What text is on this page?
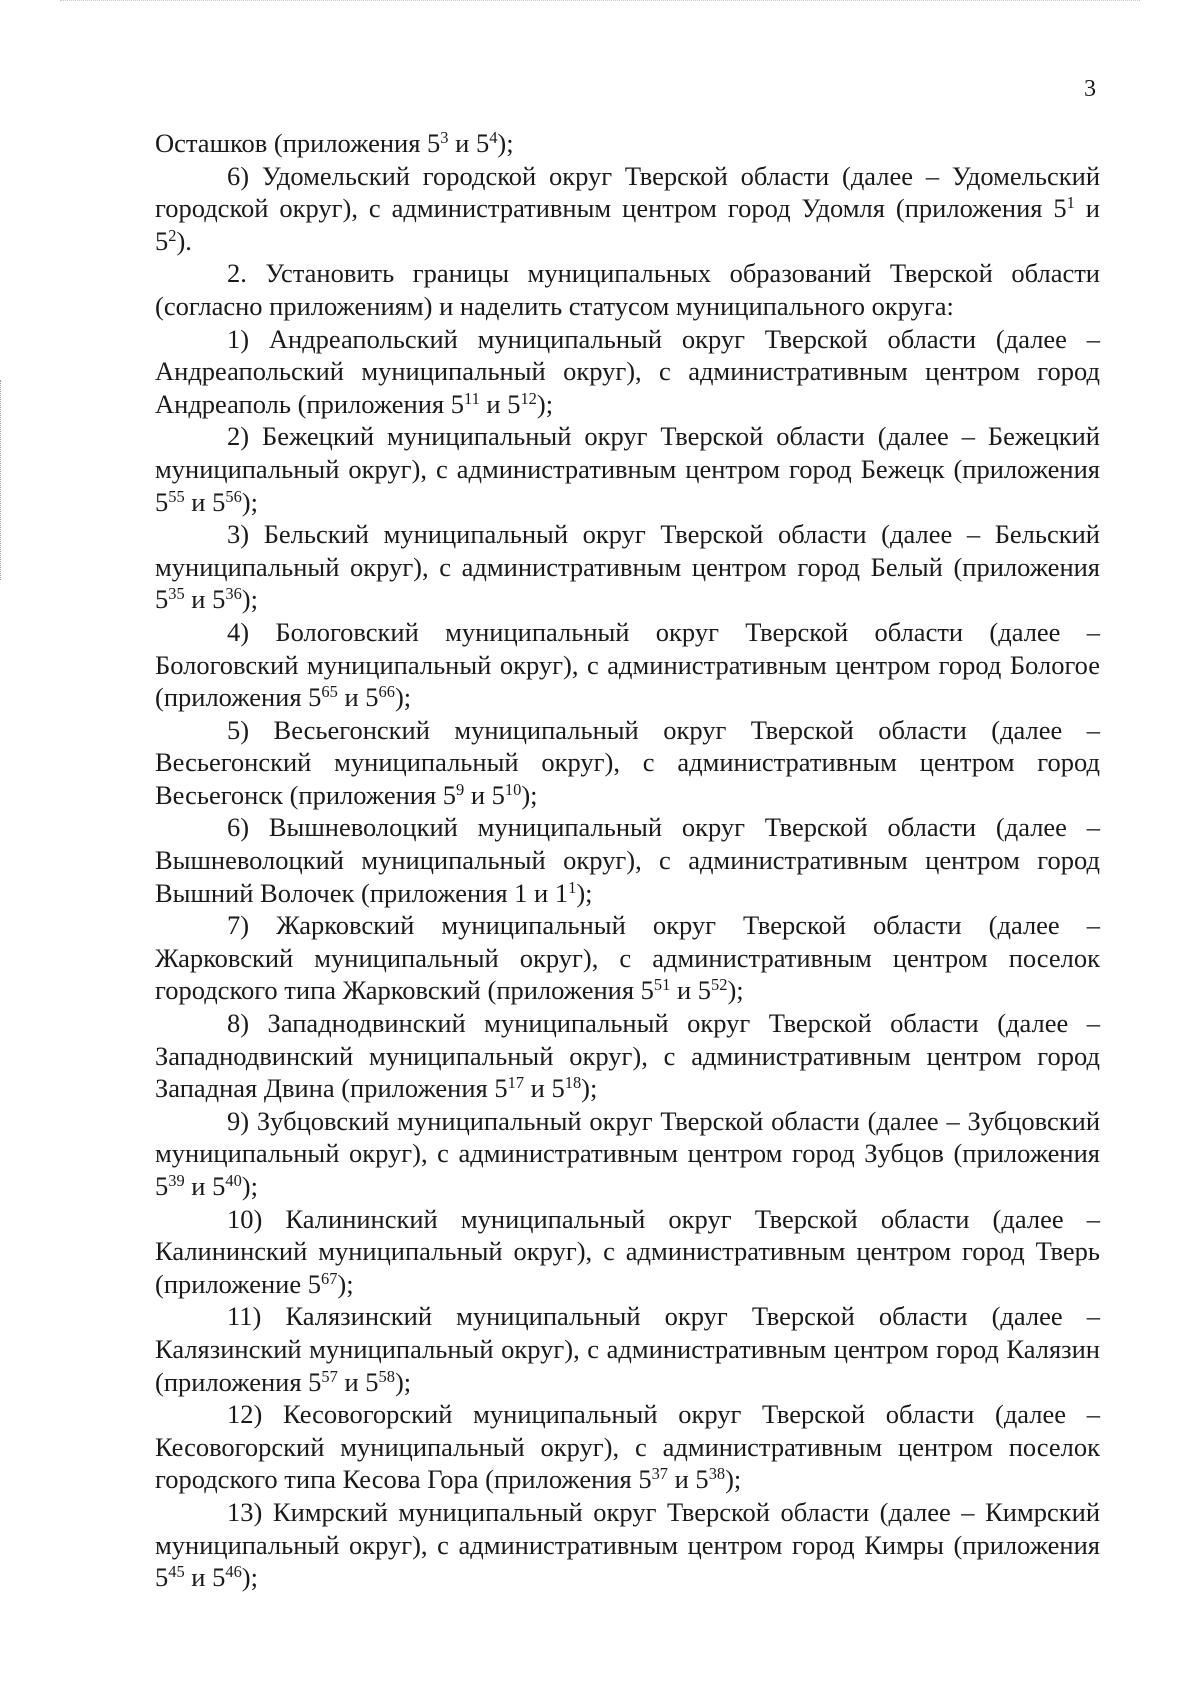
3

Осташков (приложения $5^3$ и $5^4$);

6) Удомельский городской округ Тверской области (далее – Удомельский городской округ), с административным центром город Удомля (приложения $5^1$ и $5^2$).

2. Установить границы муниципальных образований Тверской области (согласно приложениям) и наделить статусом муниципального округа:

1) Андреапольский муниципальный округ Тверской области (далее – Андреапольский муниципальный округ), с административным центром город Андреаполь (приложения $5^{11}$ и $5^{12}$);

2) Бежецкий муниципальный округ Тверской области (далее – Бежецкий муниципальный округ), с административным центром город Бежецк (приложения $5^{55}$ и $5^{56}$);

3) Бельский муниципальный округ Тверской области (далее – Бельский муниципальный округ), с административным центром город Белый (приложения $5^{35}$ и $5^{36}$);

4) Бологовский муниципальный округ Тверской области (далее – Бологовский муниципальный округ), с административным центром город Бологое (приложения $5^{65}$ и $5^{66}$);

5) Весьегонский муниципальный округ Тверской области (далее – Весьегонский муниципальный округ), с административным центром город Весьегонск (приложения $5^9$ и $5^{10}$);

6) Вышневолоцкий муниципальный округ Тверской области (далее – Вышневолоцкий муниципальный округ), с административным центром город Вышний Волочек (приложения 1 и $1^1$);

7) Жарковский муниципальный округ Тверской области (далее – Жарковский муниципальный округ), с административным центром поселок городского типа Жарковский (приложения $5^{51}$ и $5^{52}$);

8) Западнодвинский муниципальный округ Тверской области (далее – Западнодвинский муниципальный округ), с административным центром город Западная Двина (приложения $5^{17}$ и $5^{18}$);

9) Зубцовский муниципальный округ Тверской области (далее – Зубцовский муниципальный округ), с административным центром город Зубцов (приложения $5^{39}$ и $5^{40}$);

10) Калининский муниципальный округ Тверской области (далее – Калининский муниципальный округ), с административным центром город Тверь (приложение $5^{67}$);

11) Калязинский муниципальный округ Тверской области (далее – Калязинский муниципальный округ), с административным центром город Калязин (приложения $5^{57}$ и $5^{58}$);

12) Кесовогорский муниципальный округ Тверской области (далее – Кесовогорский муниципальный округ), с административным центром поселок городского типа Кесова Гора (приложения $5^{37}$ и $5^{38}$);

13) Кимрский муниципальный округ Тверской области (далее – Кимрский муниципальный округ), с административным центром город Кимры (приложения $5^{45}$ и $5^{46}$);
